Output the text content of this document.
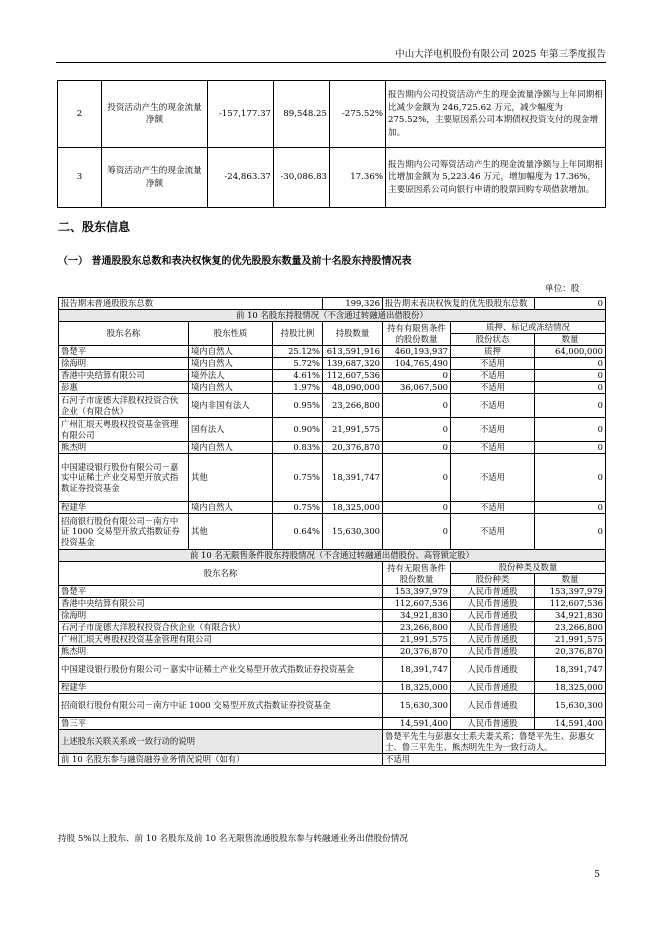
中山大洋电机股份有限公司 2025 年第三季度报告
2	投资活动产生的现金流量净额	-157,177.37	89,548.25	-275.52%	报告期内公司投资活动产生的现金流量净额与上年同期相比减少金额为 246,725.62 万元，减少幅度为 275.52%，主要原因系公司本期债权投资支付的现金增加。
3	筹资活动产生的现金流量净额	-24,863.37	-30,086.83	17.36%	报告期内公司筹资活动产生的现金流量净额与上年同期相比增加金额为 5,223.46 万元，增加幅度为 17.36%，主要原因系公司向银行申请的股票回购专项借款增加。
二、股东信息
（一） 普通股股东总数和表决权恢复的优先股股东数量及前十名股东持股情况表
单位：股
报告期末普通股股东总数			199,326	报告期末表决权恢复的优先股股东总数		0
前 10 名股东持股情况（不含通过转融通出借股份）						
股东名称	股东性质	持股比例	持股数量	持有有限售条件的股份数量	质押、标记或冻结情况	
					股份状态	数量
鲁楚平	境内自然人	25.12%	613,591,916	460,193,937	质押	64,000,000
徐海明	境内自然人	5.72%	139,687,320	104,765,490	不适用	0
香港中央结算有限公司	境外法人	4.61%	112,607,536	0	不适用	0
彭惠	境内自然人	1.97%	48,090,000	36,067,500	不适用	0
石河子市庞德大洋股权投资合伙企业（有限合伙）	境内非国有法人	0.95%	23,266,800	0	不适用	0
广州汇垠天粤股权投资基金管理有限公司	国有法人	0.90%	21,991,575	0	不适用	0
熊杰明	境内自然人	0.83%	20,376,870	0	不适用	0
中国建设银行股份有限公司－嘉实中证稀土产业交易型开放式指数证券投资基金	其他	0.75%	18,391,747	0	不适用	0
程建华	境内自然人	0.75%	18,325,000	0	不适用	0
招商银行股份有限公司－南方中证 1000 交易型开放式指数证券投资基金	其他	0.64%	15,630,300	0	不适用	0
前 10 名无限售条件股东持股情况（不含通过转融通出借股份、高管锁定股）						
股东名称				持有无限售条件股份数量	股份种类及数量	
					股份种类	数量
鲁楚平				153,397,979	人民币普通股	153,397,979
香港中央结算有限公司				112,607,536	人民币普通股	112,607,536
徐海明				34,921,830	人民币普通股	34,921,830
石河子市庞德大洋股权投资合伙企业（有限合伙）				23,266,800	人民币普通股	23,266,800
广州汇垠天粤股权投资基金管理有限公司				21,991,575	人民币普通股	21,991,575
熊杰明				20,376,870	人民币普通股	20,376,870
中国建设银行股份有限公司－嘉实中证稀土产业交易型开放式指数证券投资基金				18,391,747	人民币普通股	18,391,747
程建华				18,325,000	人民币普通股	18,325,000
招商银行股份有限公司－南方中证 1000 交易型开放式指数证券投资基金				15,630,300	人民币普通股	15,630,300
鲁三平				14,591,400	人民币普通股	14,591,400
上述股东关联关系或一致行动的说明				鲁楚平先生与彭惠女士系夫妻关系；鲁楚平先生、彭惠女士、鲁三平先生、熊杰明先生为一致行动人。		
前 10 名股东参与融资融券业务情况说明（如有）				不适用		
持股 5%以上股东、前 10 名股东及前 10 名无限售流通股股东参与转融通业务出借股份情况
5
